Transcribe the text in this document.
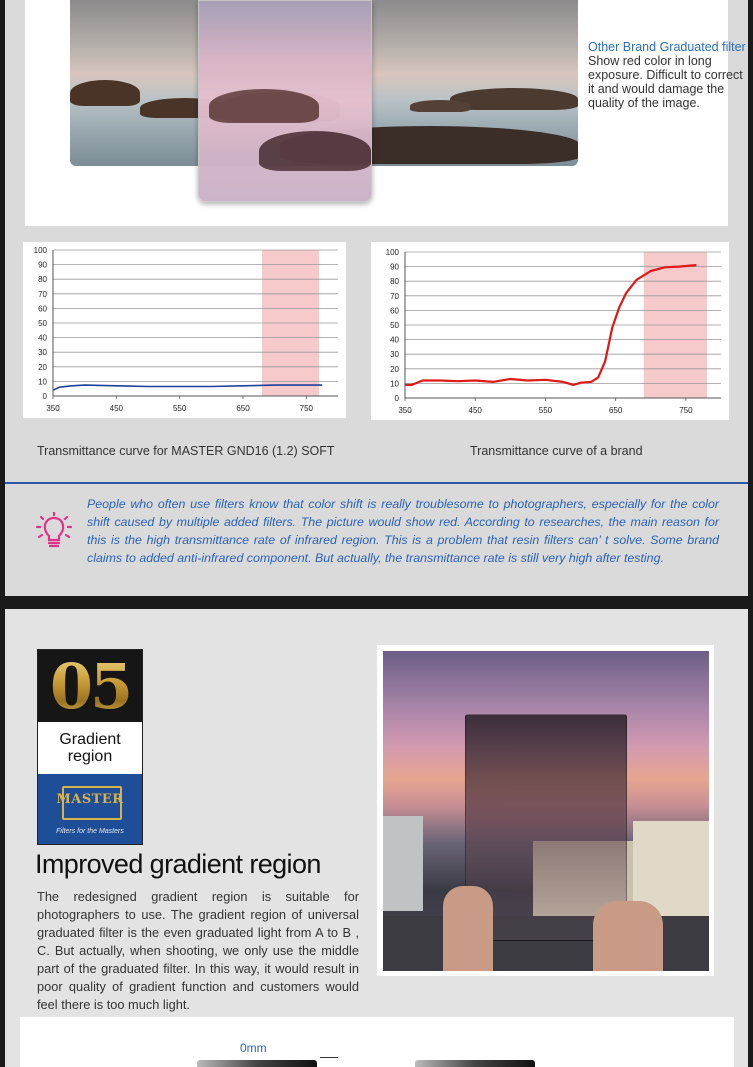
Other Brand Graduated filter
Show red color in long exposure. Difficult to correct it and would damage the quality of the image.
0
10
20
30
40
50
60
70
80
90
100
350	450	550	650	750
0
10
20
30
40
50
60
70
80
90
100
350	450	550	650	750
Transmittance curve for MASTER GND16 (1.2) SOFT	Transmittance curve of a brand
People who often use filters know that color shift is really troublesome to photographers, especially for the color shift caused by multiple added filters. The picture would show red. According to researches, the main reason for this is the high transmittance rate of infrared region. This is a problem that resin filters can’ t solve. Some brand claims to added anti-infrared component. But actually, the transmittance rate is still very high after testing.
05
Gradient
region
MASTER
Filters for the Masters
Improved gradient region
The redesigned gradient region is suitable for photographers to use. The gradient region of universal graduated filter is the even graduated light from A to B , C. But actually, when shooting, we only use the middle part of the graduated filter. In this way, it would result in poor quality of gradient function and customers would feel there is too much light.
0mm
